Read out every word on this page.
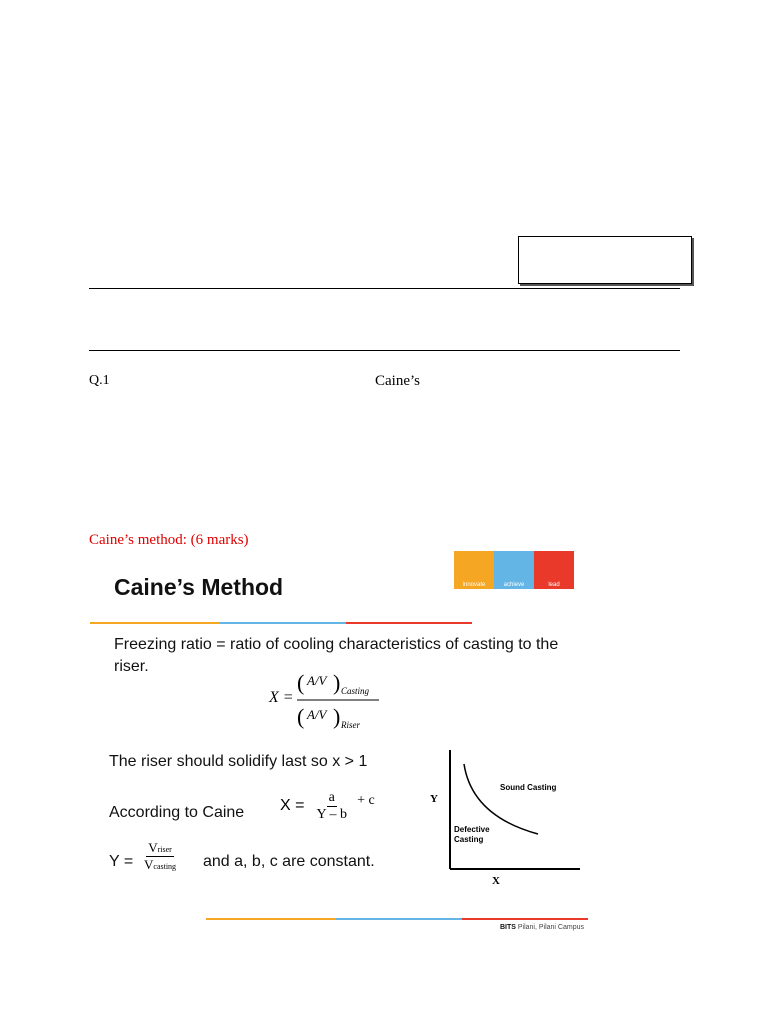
Q.1	Caine’s
Caine’s method: (6 marks)
Caine’s Method	innovate	achieve	lead
Freezing ratio = ratio of cooling characteristics of casting to the riser.
X =
( A/V ) Casting
( A/V ) Riser
The riser should solidify last so x > 1
According to Caine $X = \frac{a}{Y - b} + c$
Y =
Vriser
Vcasting and a, b, c are constant.
Y
X
Sound Casting
Defective
Casting
BITS Pilani, Pilani Campus
